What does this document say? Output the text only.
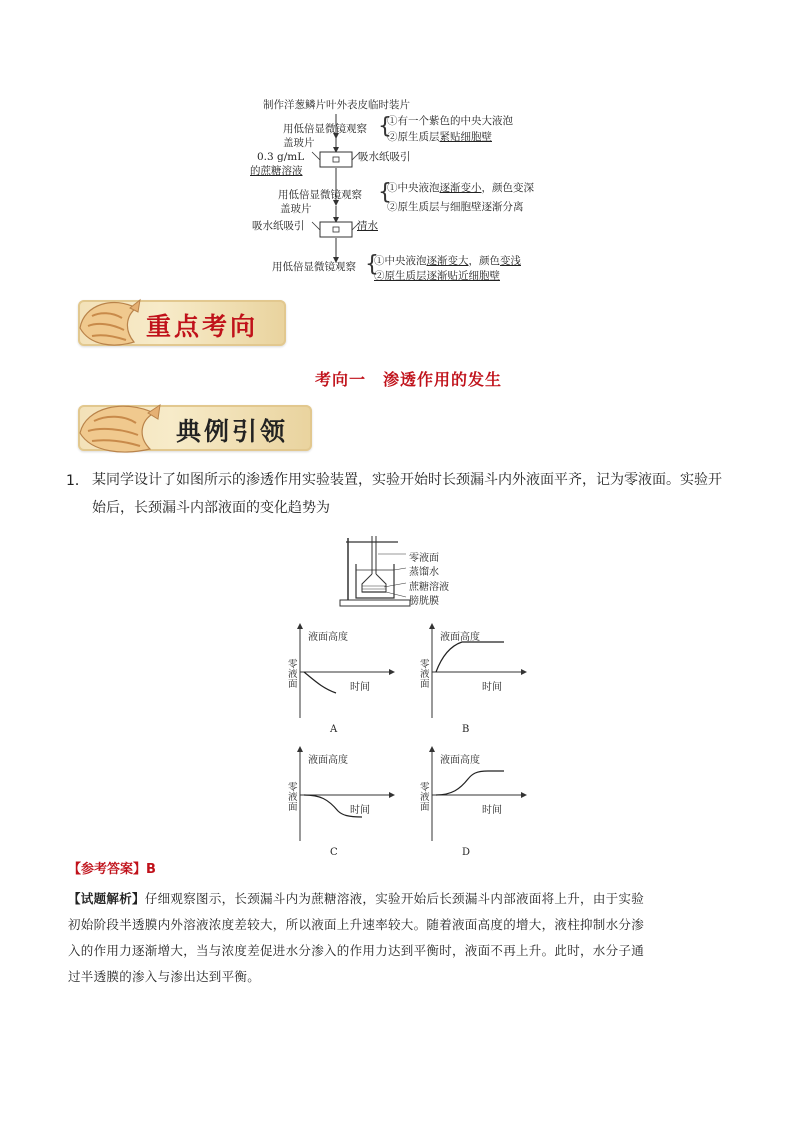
制作洋葱鳞片叶外表皮临时装片
用低倍显微镜观察 {
①有一个紫色的中央大液泡
②原生质层紧贴细胞壁
盖玻片
0.3 g/mL
的蔗糖溶液
吸水纸吸引
用低倍显微镜观察 {
①中央液泡逐渐变小，颜色变深
②原生质层与细胞壁逐渐分离
盖玻片
吸水纸吸引	清水
用低倍显微镜观察 {
①中央液泡逐渐变大，颜色变浅
②原生质层逐渐贴近细胞壁
重点考向
考向一　渗透作用的发生
典例引领
1． 某同学设计了如图所示的渗透作用实验装置，实验开始时长颈漏斗内外液面平齐，记为零液面。实验开
始后，长颈漏斗内部液面的变化趋势为
零液面
蒸馏水
蔗糖溶液
膀胱膜
液面高度
时间
零
液
面
A
液面高度
时间
零
液
面
B
液面高度
时间
零
液
面
C
液面高度
时间
零
液
面
D
【参考答案】B
【试题解析】仔细观察图示，长颈漏斗内为蔗糖溶液，实验开始后长颈漏斗内部液面将上升，由于实验
初始阶段半透膜内外溶液浓度差较大，所以液面上升速率较大。随着液面高度的增大，液柱抑制水分渗
入的作用力逐渐增大，当与浓度差促进水分渗入的作用力达到平衡时，液面不再上升。此时，水分子通
过半透膜的渗入与渗出达到平衡。
